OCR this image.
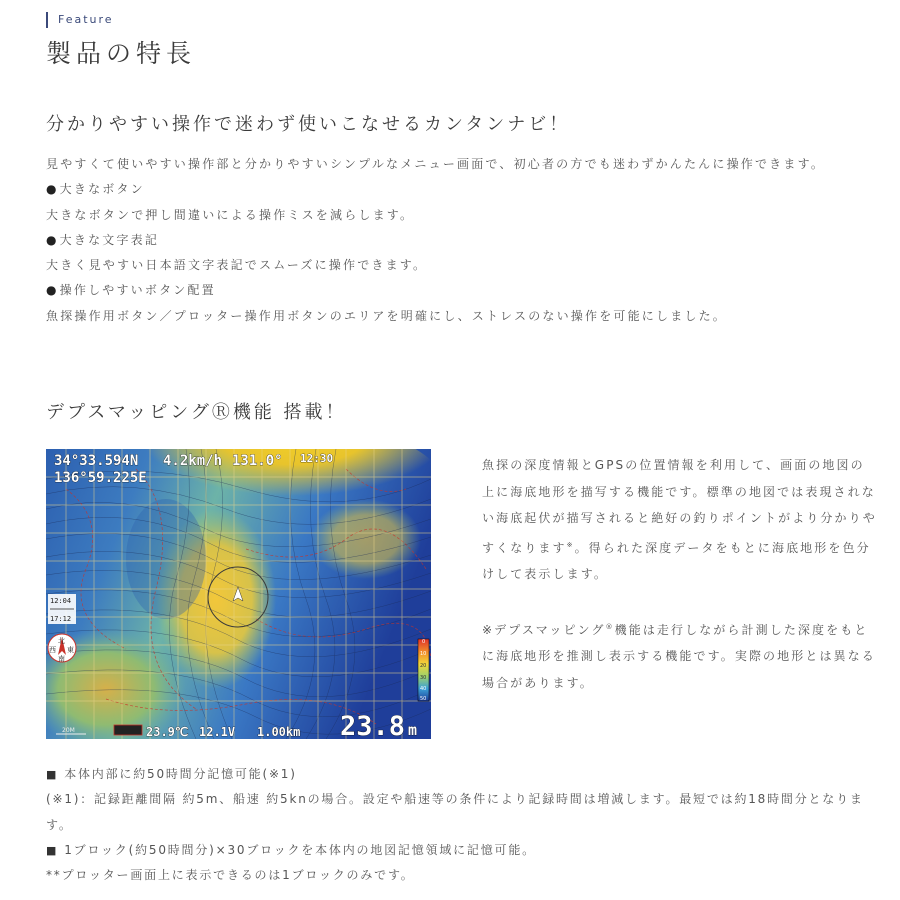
Feature
製品の特長
分かりやすい操作で迷わず使いこなせるカンタンナビ！

見やすくて使いやすい操作部と分かりやすいシンプルなメニュー画面で、初心者の方でも迷わずかんたんに操作できます。

● 大きなボタン

大きなボタンで押し間違いによる操作ミスを減らします。

● 大きな文字表記

大きく見やすい日本語文字表記でスムーズに操作できます。

● 操作しやすいボタン配置

魚探操作用ボタン／プロッター操作用ボタンのエリアを明確にし、ストレスのない操作を可能にしました。

デプスマッピングⓇ機能 搭載！
34°33.594N
136°59.225E
4.2km/h 131.0° 12:30
12:04
17:12
北
西 東
南
0
10
20
30
40
50
23.9℃ 12.1V 1.00km 23.8 m
20M

魚探の深度情報とGPSの位置情報を利用して、画面の地図の上に海底地形を描写する機能です。標準の地図では表現されない海底起伏が描写されると絶好の釣りポイントがより分かりやすくなります※。得られた深度データをもとに海底地形を色分けして表示します。

※デプスマッピング®機能は走行しながら計測した深度をもとに海底地形を推測し表示する機能です。実際の地形とは異なる場合があります。

■ 本体内部に約50時間分記憶可能(※1)

(※1)：記録距離間隔 約5m、船速 約5knの場合。設定や船速等の条件により記録時間は増減します。最短では約18時間分となります。

■ 1ブロック(約50時間分)×30ブロックを本体内の地図記憶領域に記憶可能。

**プロッター画面上に表示できるのは1ブロックのみです。
